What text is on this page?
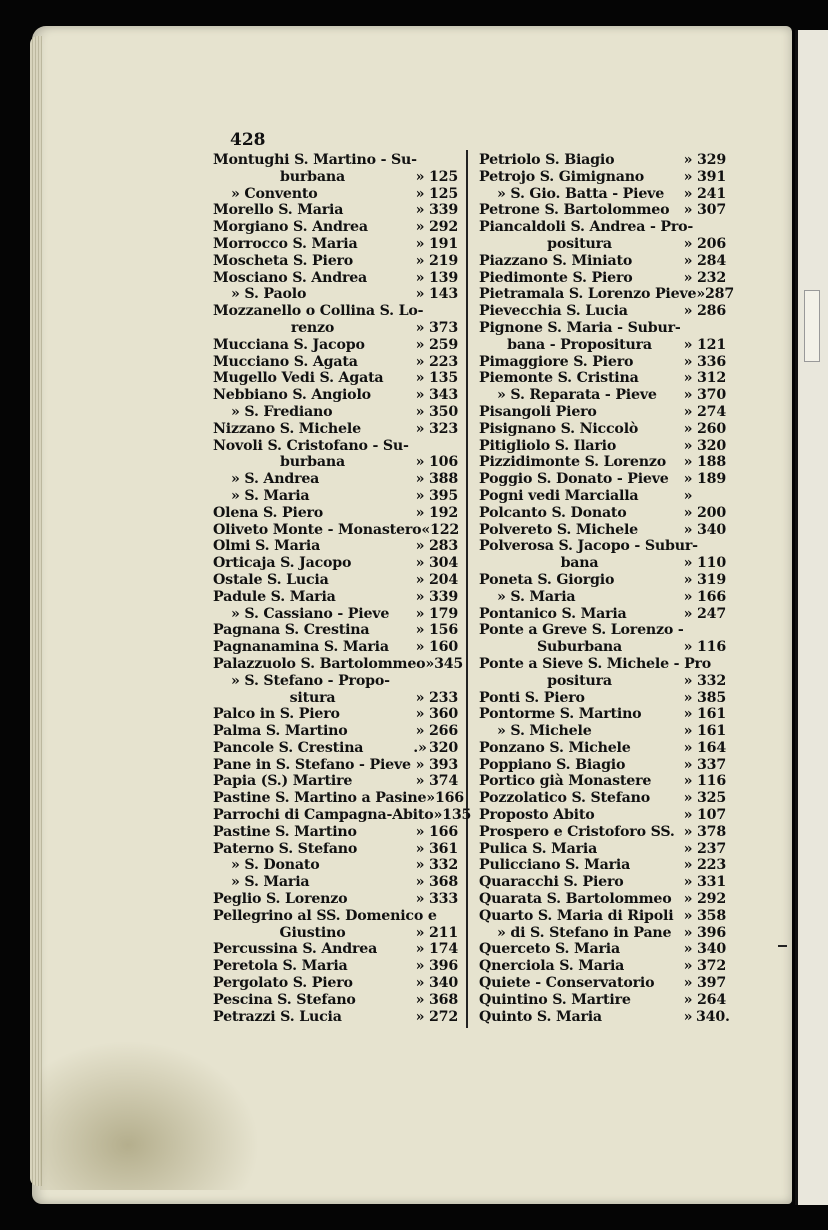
428
Montughi S. Martino - Su-
burbana	» 125
» Convento	» 125
Morello S. Maria	» 339
Morgiano S. Andrea	» 292
Morrocco S. Maria	» 191
Moscheta S. Piero	» 219
Mosciano S. Andrea	» 139
» S. Paolo	» 143
Mozzanello o Collina S. Lo-
renzo	» 373
Mucciana S. Jacopo	» 259
Mucciano S. Agata	» 223
Mugello Vedi S. Agata	» 135
Nebbiano S. Angiolo	» 343
» S. Frediano	» 350
Nizzano S. Michele	» 323
Novoli S. Cristofano - Su-
burbana	» 106
» S. Andrea	» 388
» S. Maria	» 395
Olena S. Piero	» 192
Oliveto Monte - Monastero « 122
Olmi S. Maria	» 283
Orticaja S. Jacopo	» 304
Ostale S. Lucia	» 204
Padule S. Maria	» 339
» S. Cassiano - Pieve	» 179
Pagnana S. Crestina	» 156
Pagnanamina S. Maria	» 160
Palazzuolo S. Bartolommeo » 345
» S. Stefano - Propo-
situra	» 233
Palco in S. Piero	» 360
Palma S. Martino	» 266
Pancole S. Crestina	.» 320
Pane in S. Stefano - Pieve » 393
Papia (S.) Martire	» 374
Pastine S. Martino a Pasine » 166
Parrochi di Campagna-Abito » 135
Pastine S. Martino	» 166
Paterno S. Stefano	» 361
» S. Donato	» 332
» S. Maria	» 368
Peglio S. Lorenzo	» 333
Pellegrino al SS. Domenico e
Giustino	» 211
Percussina S. Andrea	» 174
Peretola S. Maria	» 396
Pergolato S. Piero	» 340
Pescina S. Stefano	» 368
Petrazzi S. Lucia	» 272
Petriolo S. Biagio	» 329
Petrojo S. Gimignano	» 391
» S. Gio. Batta - Pieve	» 241
Petrone S. Bartolommeo	» 307
Piancaldoli S. Andrea - Pro-
positura	» 206
Piazzano S. Miniato	» 284
Piedimonte S. Piero	» 232
Pietramala S. Lorenzo Pieve » 287
Pievecchia S. Lucia	» 286
Pignone S. Maria - Subur-
bana - Propositura	» 121
Pimaggiore S. Piero	» 336
Piemonte S. Cristina	» 312
» S. Reparata - Pieve	» 370
Pisangoli Piero	» 274
Pisignano S. Niccolò	» 260
Pitigliolo S. Ilario	» 320
Pizzidimonte S. Lorenzo	» 188
Poggio S. Donato - Pieve	» 189
Pogni vedi Marcialla	»
Polcanto S. Donato	» 200
Polvereto S. Michele	» 340
Polverosa S. Jacopo - Subur-
bana	» 110
Poneta S. Giorgio	» 319
» S. Maria	» 166
Pontanico S. Maria	» 247
Ponte a Greve S. Lorenzo -
Suburbana	» 116
Ponte a Sieve S. Michele - Pro
positura	» 332
Ponti S. Piero	» 385
Pontorme S. Martino	» 161
» S. Michele	» 161
Ponzano S. Michele	» 164
Poppiano S. Biagio	» 337
Portico già Monastere	» 116
Pozzolatico S. Stefano	» 325
Proposto Abito	» 107
Prospero e Cristoforo SS. » 378
Pulica S. Maria	» 237
Pulicciano S. Maria	» 223
Quaracchi S. Piero	» 331
Quarata S. Bartolommeo » 292
Quarto S. Maria di Ripoli » 358
» di S. Stefano in Pane » 396
Querceto S. Maria	» 340
Qnerciola S. Maria	» 372
Quiete - Conservatorio	» 397
Quintino S. Martire	» 264
Quinto S. Maria	» 340.
